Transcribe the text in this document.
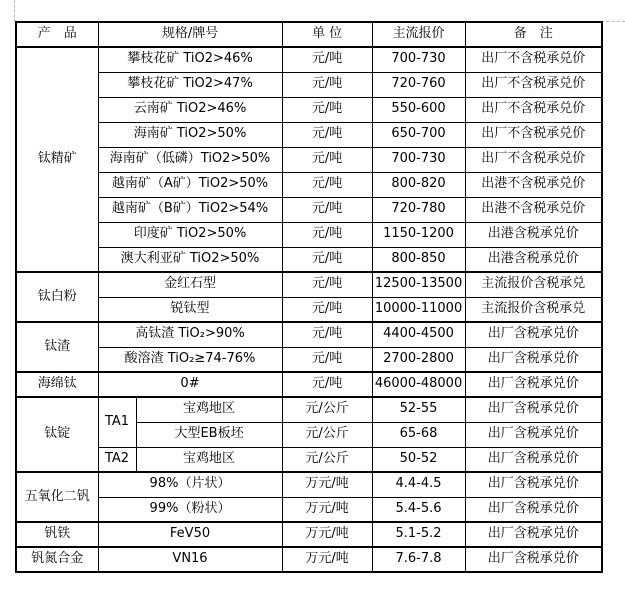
产　品	规格/牌号		单 位	主流报价	备　注
钛精矿	攀枝花矿 TiO2>46%		元/吨	700-730	出厂不含税承兑价
	攀枝花矿 TiO2>47%		元/吨	720-760	出厂不含税承兑价
	云南矿 TiO2>46%		元/吨	550-600	出厂不含税承兑价
	海南矿 TiO2>50%		元/吨	650-700	出厂不含税承兑价
	海南矿（低磷）TiO2>50%		元/吨	700-730	出厂不含税承兑价
	越南矿（A矿）TiO2>50%		元/吨	800-820	出港不含税承兑价
	越南矿（B矿）TiO2>54%		元/吨	720-780	出港不含税承兑价
	印度矿 TiO2>50%		元/吨	1150-1200	出港含税承兑价
	澳大利亚矿 TiO2>50%		元/吨	800-850	出港含税承兑价
钛白粉	金红石型		元/吨	12500-13500	主流报价含税承兑
	锐钛型		元/吨	10000-11000	主流报价含税承兑
钛渣	高钛渣 TiO₂>90%		元/吨	4400-4500	出厂含税承兑价
	酸溶渣 TiO₂≥74-76%		元/吨	2700-2800	出厂含税承兑价
海绵钛	0#		元/吨	46000-48000	出厂含税承兑价
钛锭	TA1	宝鸡地区	元/公斤	52-55	出厂含税承兑价
		大型EB板坯	元/公斤	65-68	出厂含税承兑价
	TA2	宝鸡地区	元/公斤	50-52	出厂含税承兑价
五氧化二钒	98%（片状）		万元/吨	4.4-4.5	出厂含税承兑价
	99%（粉状）		万元/吨	5.4-5.6	出厂含税承兑价
钒铁	FeV50		万元/吨	5.1-5.2	出厂含税承兑价
钒氮合金	VN16		万元/吨	7.6-7.8	出厂含税承兑价
